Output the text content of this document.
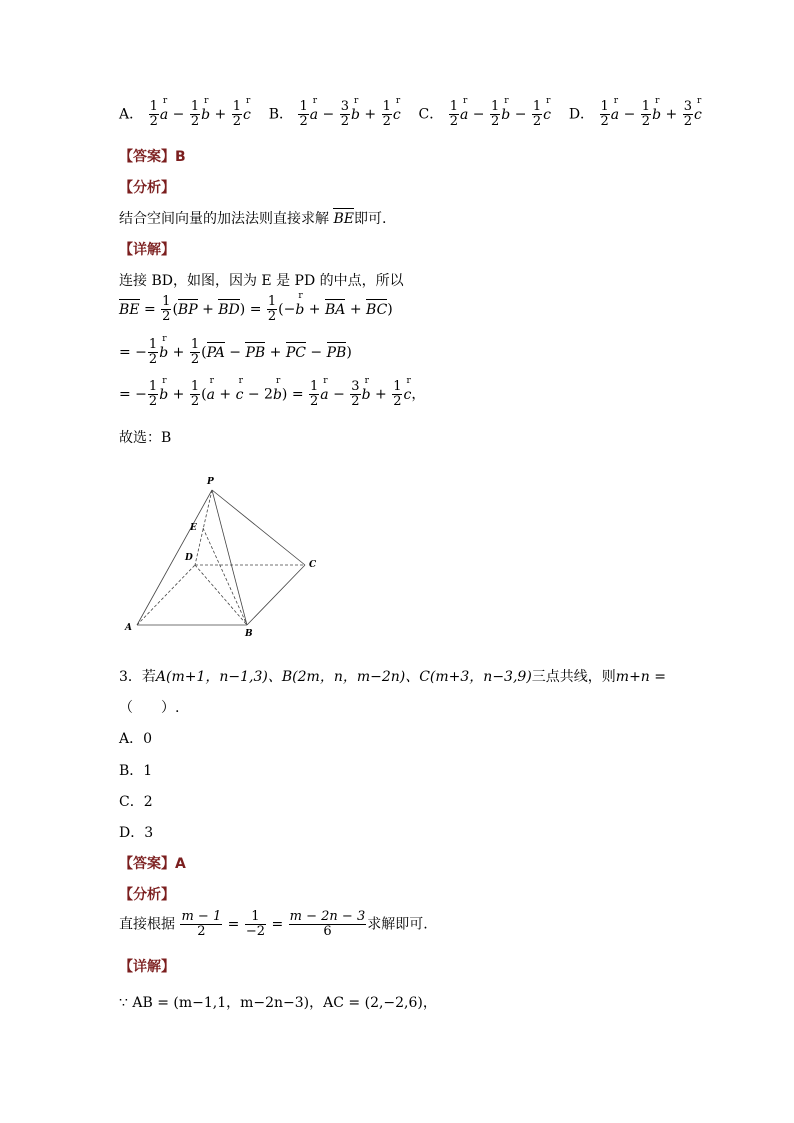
A． $\frac{1}{2}$ r $a - \frac{1}{2}$ r $b + \frac{1}{2}$ r c B． $\frac{1}{2}$ r $a - \frac{3}{2}$ r $b + \frac{1}{2}$ r c C． $\frac{1}{2}$ r $a - \frac{1}{2}$ r $b - \frac{1}{2}$ r c D． $\frac{1}{2}$ r $a - \frac{1}{2}$ r $b + \frac{3}{2}$ r c
【答案】B
【分析】
结合空间向量的加法法则直接求解 BE即可.
【详解】
连接 BD，如图，因为 E 是 PD 的中点，所以
BE = $\frac{1}{2} (BP + BD) = \frac{1}{2} (-r$ b + BA + BC)
= − $\frac{1}{2}$ r $b + \frac{1}{2} (PA$ − PB + PC − PB)
= − $\frac{1}{2}$ r $b + \frac{1}{2} (r$ a + r c − 2r $b) = \frac{1}{2}$ r $a - \frac{3}{2}$ r $b + \frac{1}{2}$ r c，
故选：B
P
E
D
C
A
B
3．若A(m+1，n−1,3)、B(2m，n，m−2n)、C(m+3，n−3,9)三点共线，则m+n =
（　　）.
A．0
B．1
C．2
D．3
【答案】A
【分析】
直接根据 $\frac{m - 1}{2} = \frac{1}{-2} = \frac{m - 2n - 3}{6}$ 求解即可.
【详解】
∵ AB = (m−1,1，m−2n−3)，AC = (2,−2,6)，
